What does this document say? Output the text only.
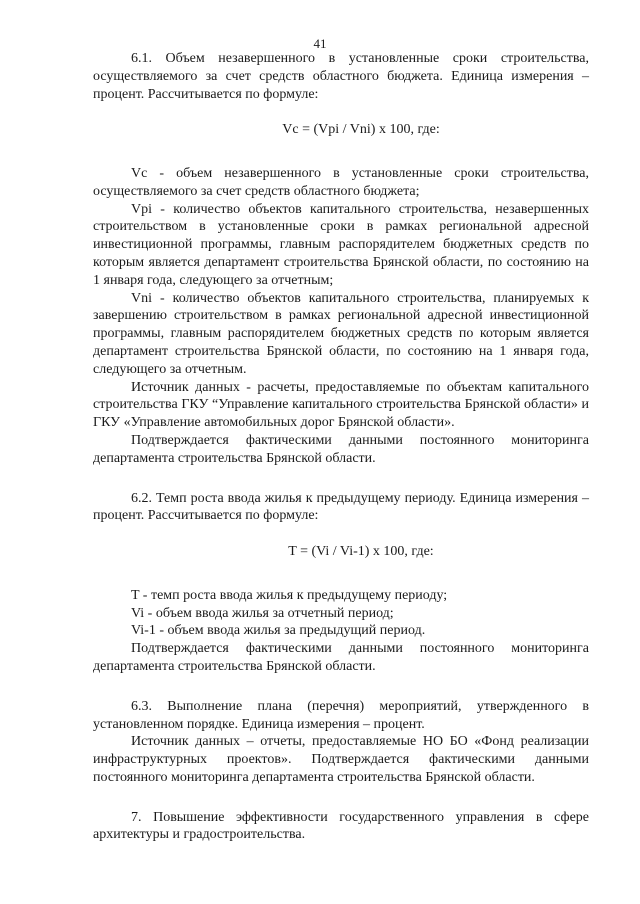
41

6.1. Объем незавершенного в установленные сроки строительства, осуществляемого за счет средств областного бюджета. Единица измерения – процент. Рассчитывается по формуле:

Vc = (Vpi / Vni) x 100, где:

Vc - объем незавершенного в установленные сроки строительства, осуществляемого за счет средств областного бюджета;

Vpi - количество объектов капитального строительства, незавершенных строительством в установленные сроки в рамках региональной адресной инвестиционной программы, главным распорядителем бюджетных средств по которым является департамент строительства Брянской области, по состоянию на 1 января года, следующего за отчетным;

Vni - количество объектов капитального строительства, планируемых к завершению строительством в рамках региональной адресной инвестиционной программы, главным распорядителем бюджетных средств по которым является департамент строительства Брянской области, по состоянию на 1 января года, следующего за отчетным.

Источник данных - расчеты, предоставляемые по объектам капитального строительства ГКУ “Управление капитального строительства Брянской области» и ГКУ «Управление автомобильных дорог Брянской области».

Подтверждается фактическими данными постоянного мониторинга департамента строительства Брянской области.

6.2. Темп роста ввода жилья к предыдущему периоду. Единица измерения – процент. Рассчитывается по формуле:

T = (Vi / Vi-1) x 100, где:

T - темп роста ввода жилья к предыдущему периоду;

Vi - объем ввода жилья за отчетный период;

Vi-1 - объем ввода жилья за предыдущий период.

Подтверждается фактическими данными постоянного мониторинга департамента строительства Брянской области.

6.3. Выполнение плана (перечня) мероприятий, утвержденного в установленном порядке. Единица измерения – процент.

Источник данных – отчеты, предоставляемые НО БО «Фонд реализации инфраструктурных проектов». Подтверждается фактическими данными постоянного мониторинга департамента строительства Брянской области.

7. Повышение эффективности государственного управления в сфере архитектуры и градостроительства.
